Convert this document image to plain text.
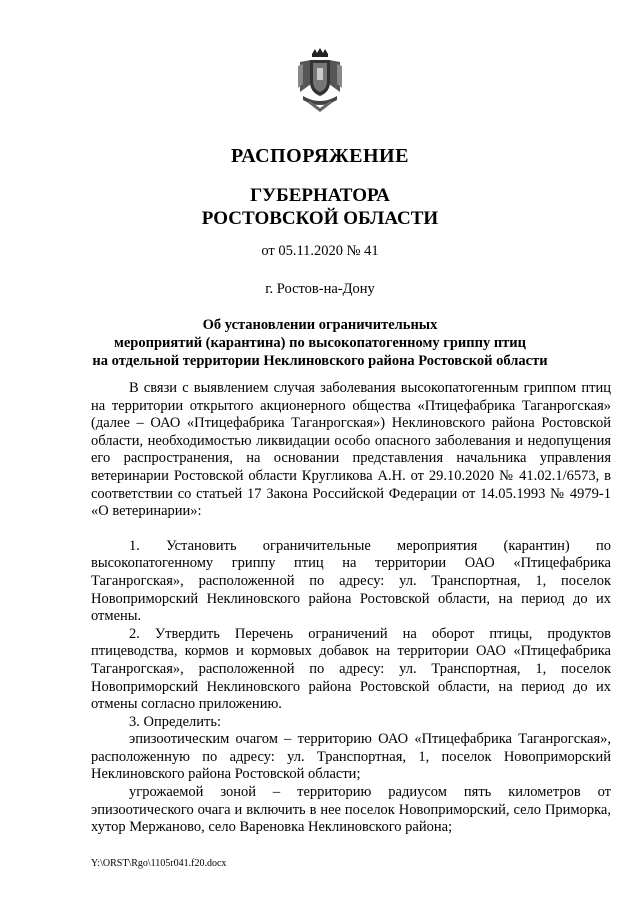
РАСПОРЯЖЕНИЕ
ГУБЕРНАТОРА
РОСТОВСКОЙ ОБЛАСТИ
от 05.11.2020 № 41
г. Ростов-на-Дону
Об установлении ограничительных
мероприятий (карантина) по высокопатогенному гриппу птиц
на отдельной территории Неклиновского района Ростовской области

В связи с выявлением случая заболевания высокопатогенным гриппом птиц на территории открытого акционерного общества «Птицефабрика Таганрогская» (далее – ОАО «Птицефабрика Таганрогская») Неклиновского района Ростовской области, необходимостью ликвидации особо опасного заболевания и недопущения его распространения, на основании представления начальника управления ветеринарии Ростовской области Кругликова А.Н. от 29.10.2020 № 41.02.1/6573, в соответствии со статьей 17 Закона Российской Федерации от 14.05.1993 № 4979-1 «О ветеринарии»:

1. Установить ограничительные мероприятия (карантин) по высокопатогенному гриппу птиц на территории ОАО «Птицефабрика Таганрогская», расположенной по адресу: ул. Транспортная, 1, поселок Новоприморский Неклиновского района Ростовской области, на период до их отмены.

2. Утвердить Перечень ограничений на оборот птицы, продуктов птицеводства, кормов и кормовых добавок на территории ОАО «Птицефабрика Таганрогская», расположенной по адресу: ул. Транспортная, 1, поселок Новоприморский Неклиновского района Ростовской области, на период до их отмены согласно приложению.

3. Определить:

эпизоотическим очагом – территорию ОАО «Птицефабрика Таганрогская», расположенную по адресу: ул. Транспортная, 1, поселок Новоприморский Неклиновского района Ростовской области;

угрожаемой зоной – территорию радиусом пять километров от эпизоотического очага и включить в нее поселок Новоприморский, село Приморка, хутор Мержаново, село Вареновка Неклиновского района;

Y:\ORST\Rgo\1105r041.f20.docx
